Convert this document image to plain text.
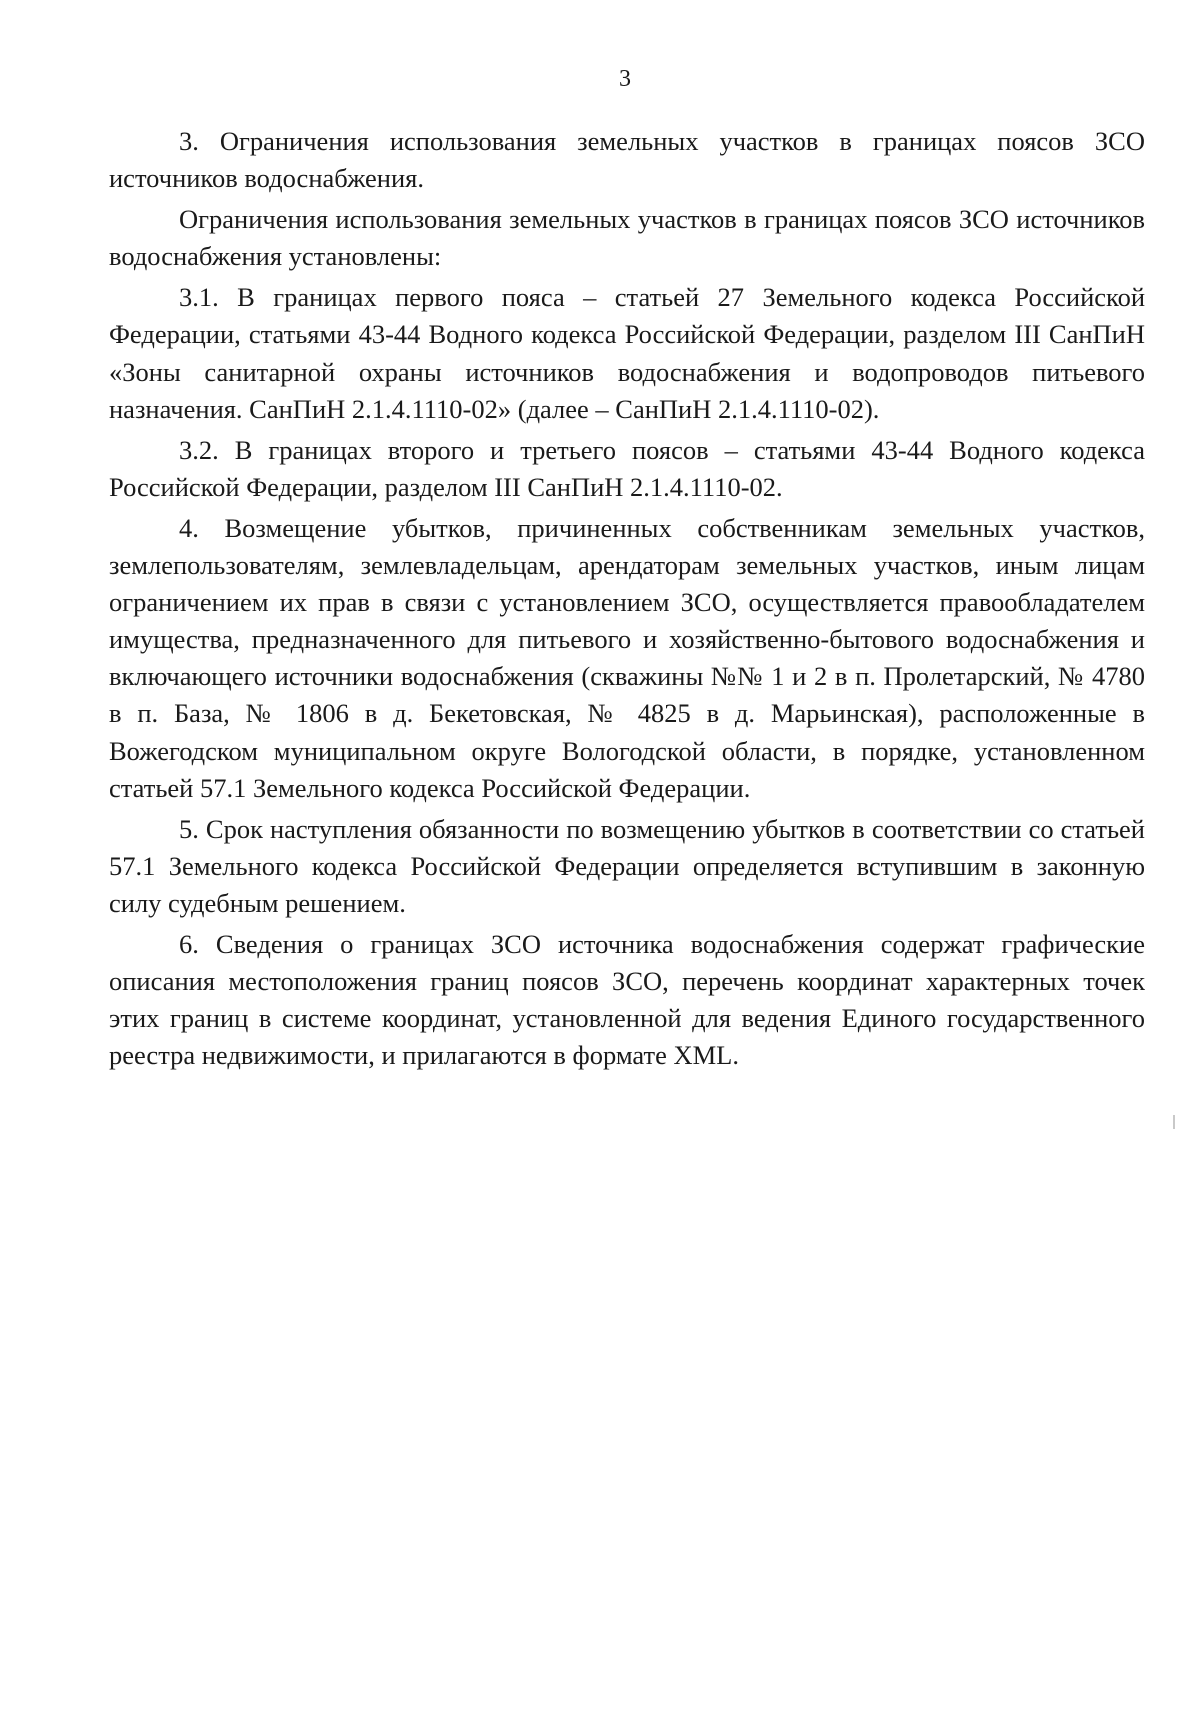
3

3. Ограничения использования земельных участков в границах поясов ЗСО источников водоснабжения.

Ограничения использования земельных участков в границах поясов ЗСО источников водоснабжения установлены:

3.1. В границах первого пояса – статьей 27 Земельного кодекса Российской Федерации, статьями 43-44 Водного кодекса Российской Федерации, разделом III СанПиН «Зоны санитарной охраны источников водоснабжения и водопроводов питьевого назначения. СанПиН 2.1.4.1110-02» (далее – СанПиН 2.1.4.1110-02).

3.2. В границах второго и третьего поясов – статьями 43-44 Водного кодекса Российской Федерации, разделом III СанПиН 2.1.4.1110-02.

4. Возмещение убытков, причиненных собственникам земельных участков, землепользователям, землевладельцам, арендаторам земельных участков, иным лицам ограничением их прав в связи с установлением ЗСО, осуществляется правообладателем имущества, предназначенного для питьевого и хозяйственно-бытового водоснабжения и включающего источники водоснабжения (скважины №№ 1 и 2 в п. Пролетарский, № 4780 в п. База, № 1806 в д. Бекетовская, № 4825 в д. Марьинская), расположенные в Вожегодском муниципальном округе Вологодской области, в порядке, установленном статьей 57.1 Земельного кодекса Российской Федерации.

5. Срок наступления обязанности по возмещению убытков в соответствии со статьей 57.1 Земельного кодекса Российской Федерации определяется вступившим в законную силу судебным решением.

6. Сведения о границах ЗСО источника водоснабжения содержат графические описания местоположения границ поясов ЗСО, перечень координат характерных точек этих границ в системе координат, установленной для ведения Единого государственного реестра недвижимости, и прилагаются в формате XML.
